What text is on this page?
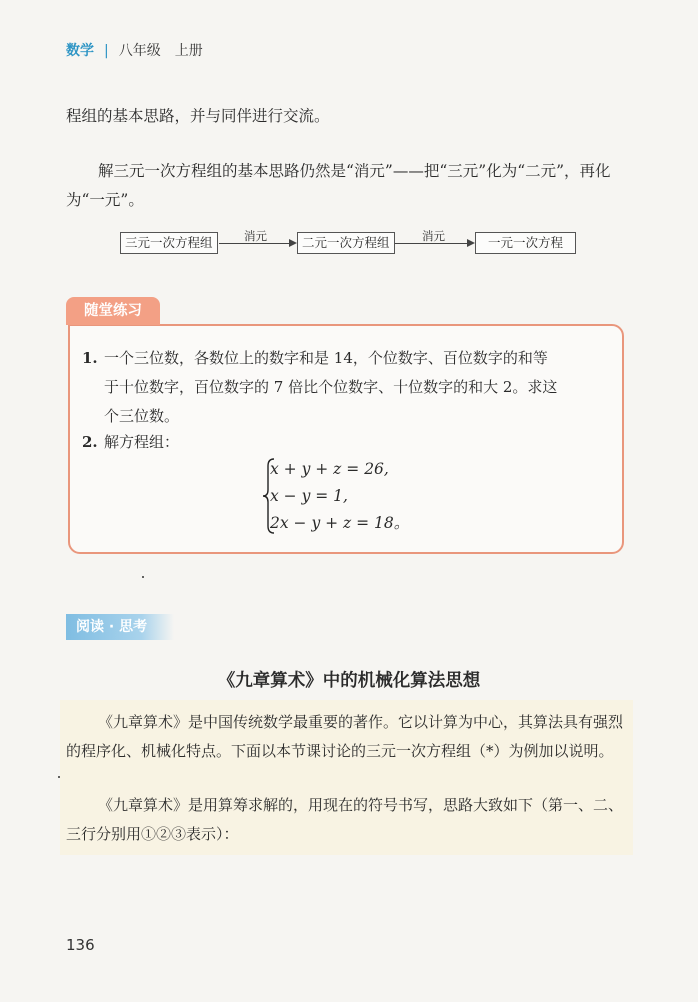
数学 | 八年级　上册
程组的基本思路，并与同伴进行交流。
解三元一次方程组的基本思路仍然是“消元”——把“三元”化为“二元”，再化为“一元”。
三元一次方程组	消元	二元一次方程组	消元	一元一次方程
随堂练习
1. 一个三位数，各数位上的数字和是 14，个位数字、百位数字的和等
于十位数字，百位数字的 7 倍比个位数字、十位数字的和大 2。求这
个三位数。
2. 解方程组：
x + y + z = 26,
x − y = 1,
2x − y + z = 18。
阅读 · 思考
《九章算术》中的机械化算法思想
《九章算术》是中国传统数学最重要的著作。它以计算为中心，其算法具有强烈的程序化、机械化特点。下面以本节课讨论的三元一次方程组（*）为例加以说明。
《九章算术》是用算筹求解的，用现在的符号书写，思路大致如下（第一、二、三行分别用①②③表示）：
136
